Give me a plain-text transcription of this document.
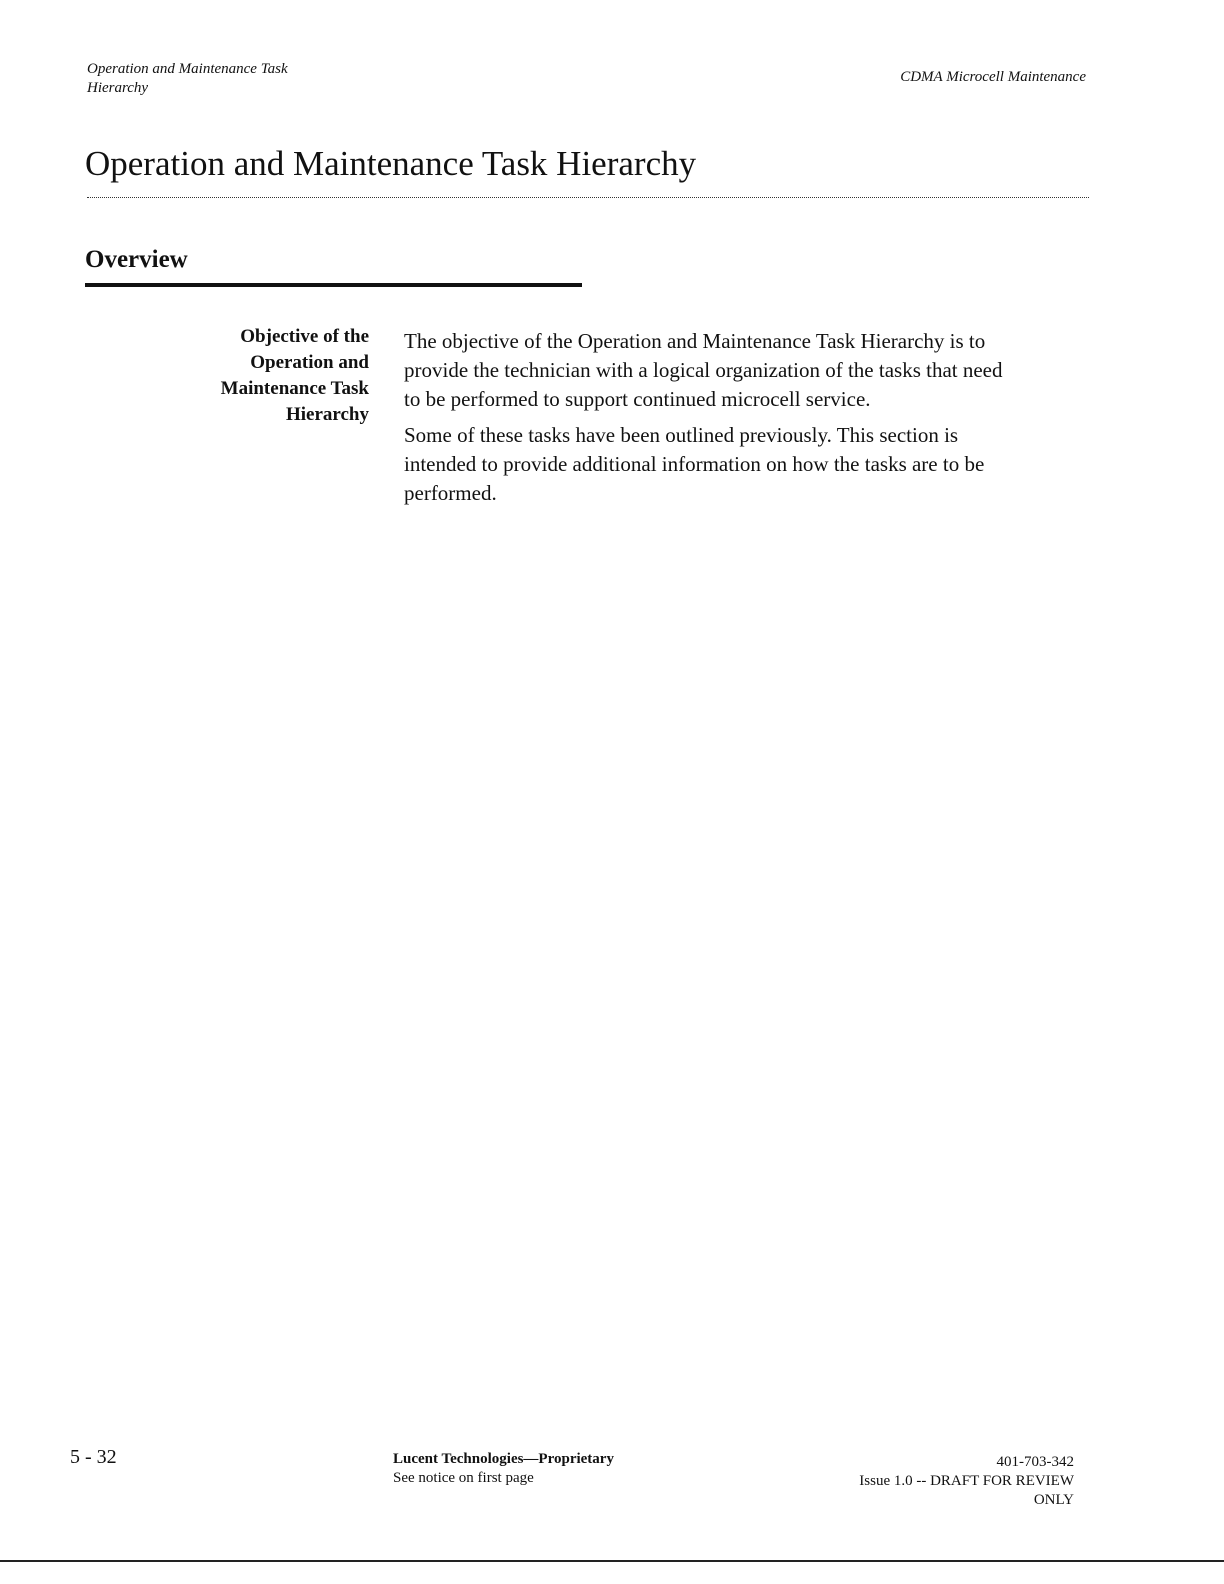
Operation and Maintenance Task
Hierarchy
CDMA Microcell Maintenance
Operation and Maintenance Task Hierarchy
Overview
Objective of the
Operation and
Maintenance Task
Hierarchy

The objective of the Operation and Maintenance Task Hierarchy is to
provide the technician with a logical organization of the tasks that need
to be performed to support continued microcell service.

Some of these tasks have been outlined previously. This section is
intended to provide additional information on how the tasks are to be
performed.

5 - 32	Lucent Technologies—Proprietary
See notice on first page
401-703-342
Issue 1.0 -- DRAFT FOR REVIEW
ONLY
